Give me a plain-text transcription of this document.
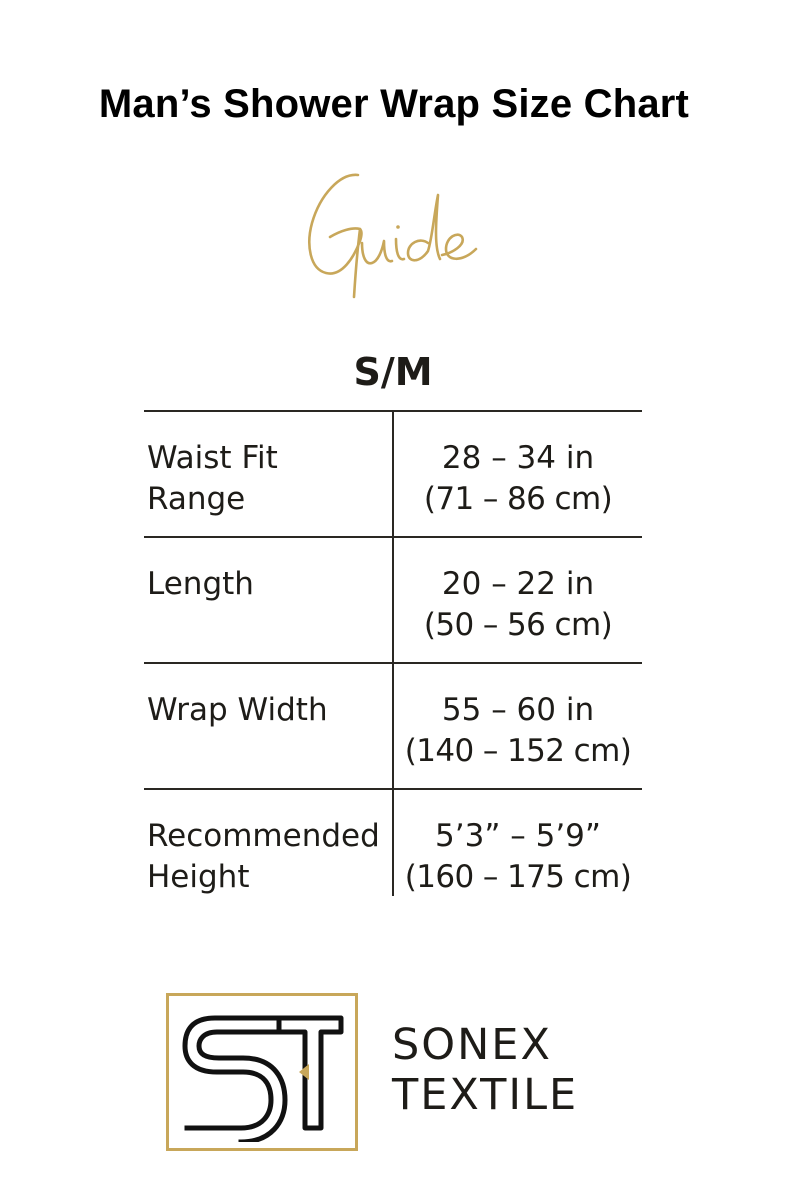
Man’s Shower Wrap Size Chart
S/M
Waist Fit
Range
28 – 34 in
(71 – 86 cm)
Length	20 – 22 in
(50 – 56 cm)
Wrap Width	55 – 60 in
(140 – 152 cm)
Recommended
Height
5’3” – 5’9”
(160 – 175 cm)
SONEX
TEXTILE
